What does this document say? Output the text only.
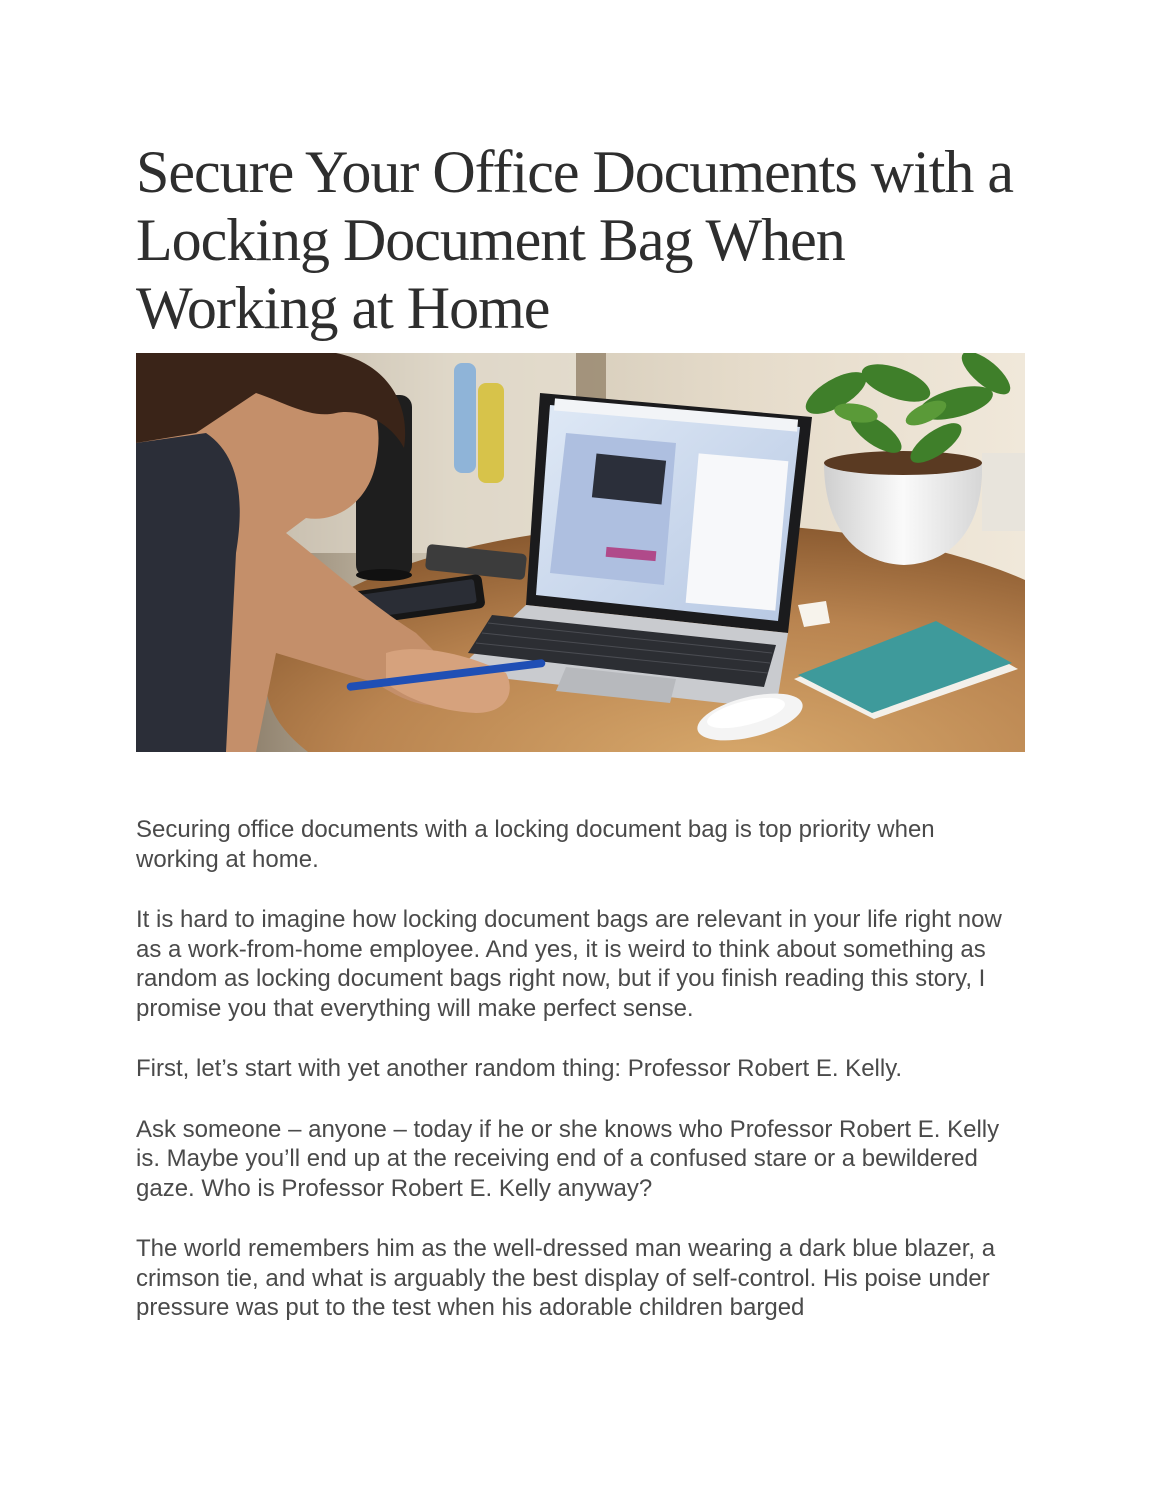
Secure Your Office Documents with a Locking Document Bag When Working at Home

Securing office documents with a locking document bag is top priority when working at home.

It is hard to imagine how locking document bags are relevant in your life right now as a work-from-home employee. And yes, it is weird to think about something as random as locking document bags right now, but if you finish reading this story, I promise you that everything will make perfect sense.

First, let’s start with yet another random thing: Professor Robert E. Kelly.

Ask someone – anyone – today if he or she knows who Professor Robert E. Kelly is. Maybe you’ll end up at the receiving end of a confused stare or a bewildered gaze. Who is Professor Robert E. Kelly anyway?

The world remembers him as the well-dressed man wearing a dark blue blazer, a crimson tie, and what is arguably the best display of self-control. His poise under pressure was put to the test when his adorable children barged
